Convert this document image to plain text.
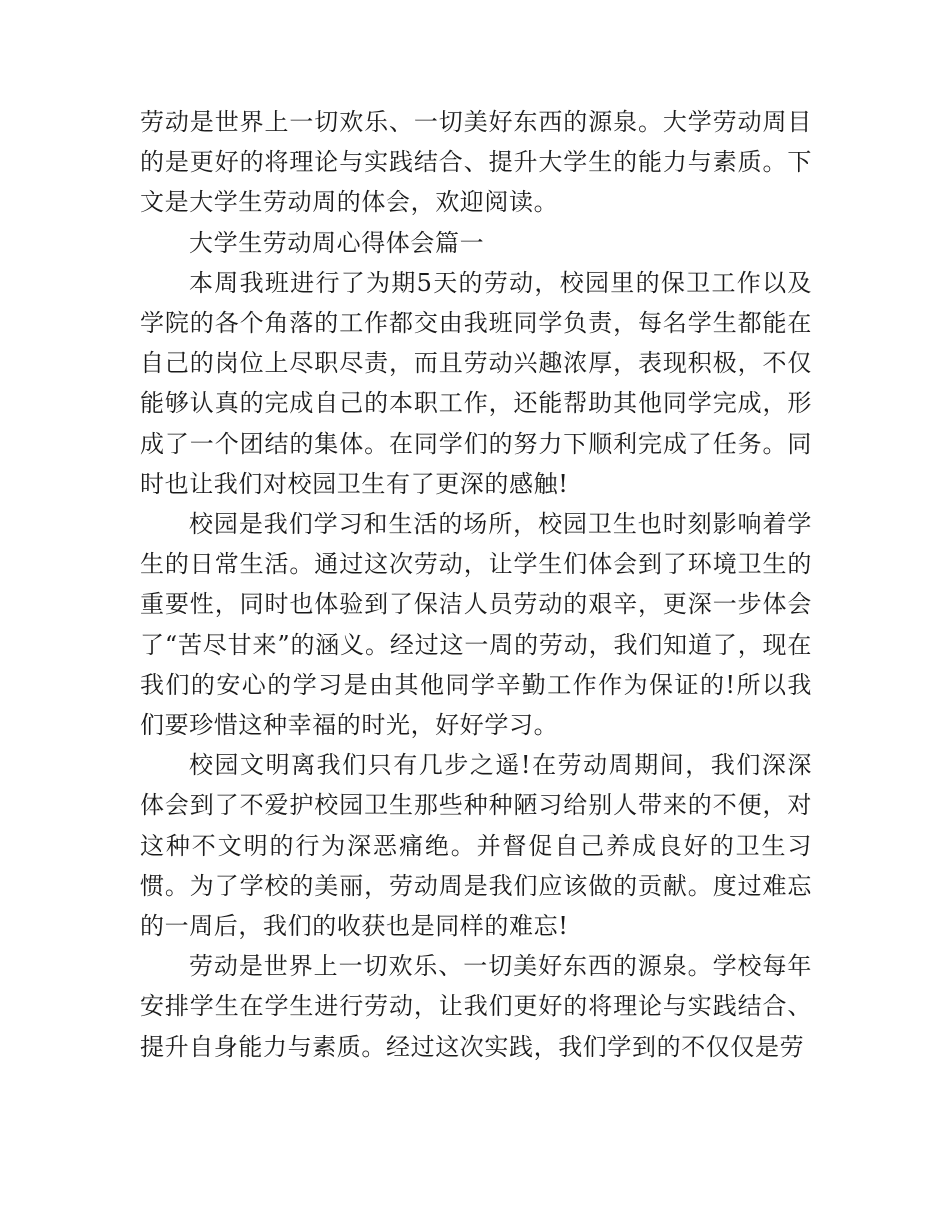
劳动是世界上一切欢乐、一切美好东西的源泉。大学劳动周目的是更好的将理论与实践结合、提升大学生的能力与素质。下文是大学生劳动周的体会，欢迎阅读。

大学生劳动周心得体会篇一

本周我班进行了为期5天的劳动，校园里的保卫工作以及学院的各个角落的工作都交由我班同学负责，每名学生都能在自己的岗位上尽职尽责，而且劳动兴趣浓厚，表现积极，不仅能够认真的完成自己的本职工作，还能帮助其他同学完成，形成了一个团结的集体。在同学们的努力下顺利完成了任务。同时也让我们对校园卫生有了更深的感触!

校园是我们学习和生活的场所，校园卫生也时刻影响着学生的日常生活。通过这次劳动，让学生们体会到了环境卫生的重要性，同时也体验到了保洁人员劳动的艰辛，更深一步体会了“苦尽甘来”的涵义。经过这一周的劳动，我们知道了，现在我们的安心的学习是由其他同学辛勤工作作为保证的!所以我们要珍惜这种幸福的时光，好好学习。

校园文明离我们只有几步之遥!在劳动周期间，我们深深体会到了不爱护校园卫生那些种种陋习给别人带来的不便，对这种不文明的行为深恶痛绝。并督促自己养成良好的卫生习惯。为了学校的美丽，劳动周是我们应该做的贡献。度过难忘的一周后，我们的收获也是同样的难忘!

劳动是世界上一切欢乐、一切美好东西的源泉。学校每年安排学生在学生进行劳动，让我们更好的将理论与实践结合、提升自身能力与素质。经过这次实践，我们学到的不仅仅是劳
